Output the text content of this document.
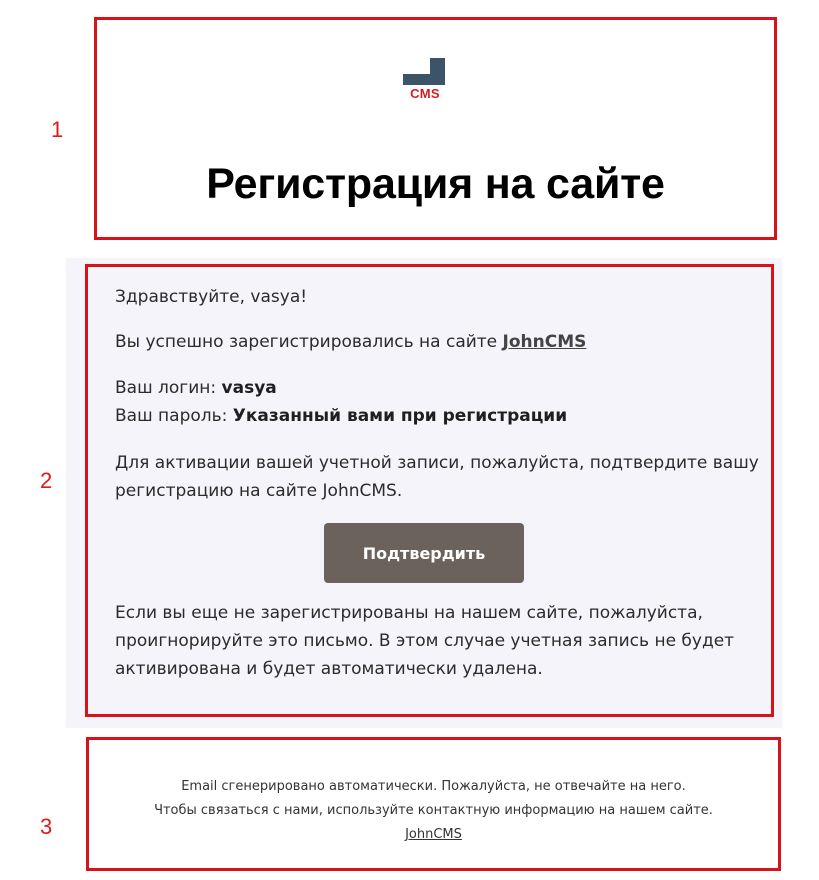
1
2
3
CMS
Регистрация на сайте

Здравствуйте, vasya!

Вы успешно зарегистрировались на сайте JohnCMS

Ваш логин: vasya

Ваш пароль: Указанный вами при регистрации

Для активации вашей учетной записи, пожалуйста, подтвердите вашу
регистрацию на сайте JohnCMS.

Подтвердить

Если вы еще не зарегистрированы на нашем сайте, пожалуйста,
проигнорируйте это письмо. В этом случае учетная запись не будет
активирована и будет автоматически удалена.

Email сгенерировано автоматически. Пожалуйста, не отвечайте на него.

Чтобы связаться с нами, используйте контактную информацию на нашем сайте.

JohnCMS
